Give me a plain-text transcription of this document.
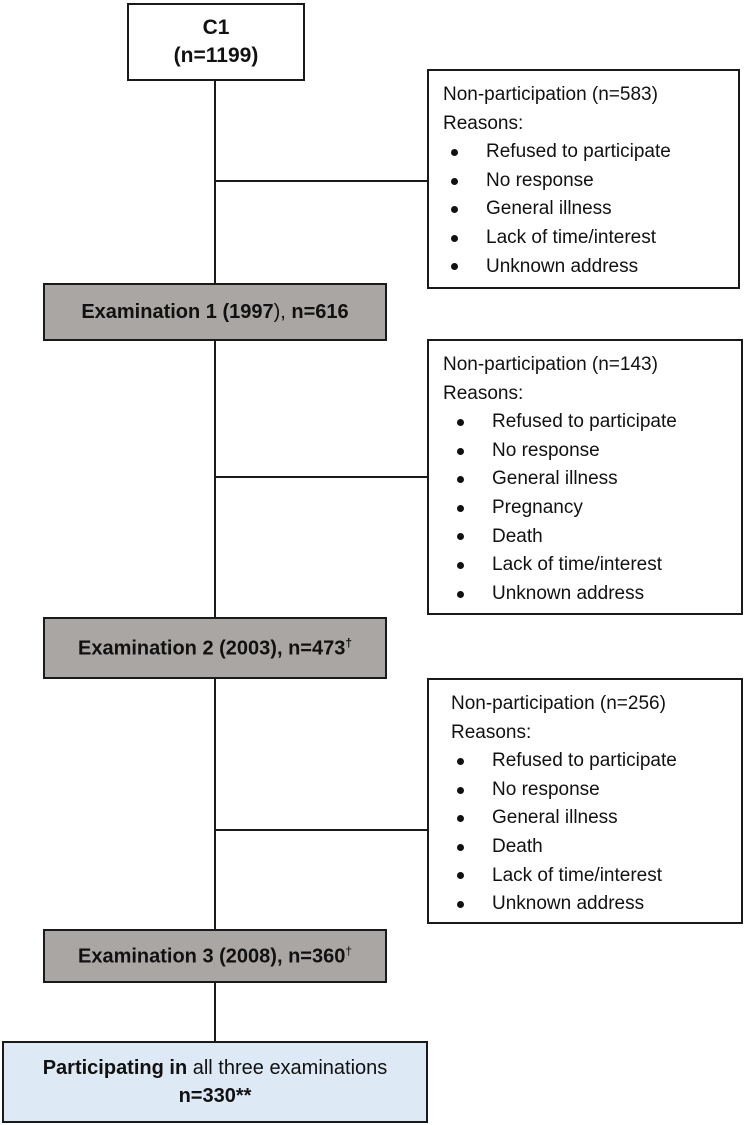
C1
(n=1199)
Examination 1 (1997), n=616
Examination 2 (2003), n=473†
Examination 3 (2008), n=360†
Participating in all three examinations
n=330**
Non-participation (n=583)
Reasons:
Refused to participate
No response
General illness
Lack of time/interest
Unknown address
Non-participation (n=143)
Reasons:
Refused to participate
No response
General illness
Pregnancy
Death
Lack of time/interest
Unknown address
Non-participation (n=256)
Reasons:
Refused to participate
No response
General illness
Death
Lack of time/interest
Unknown address
